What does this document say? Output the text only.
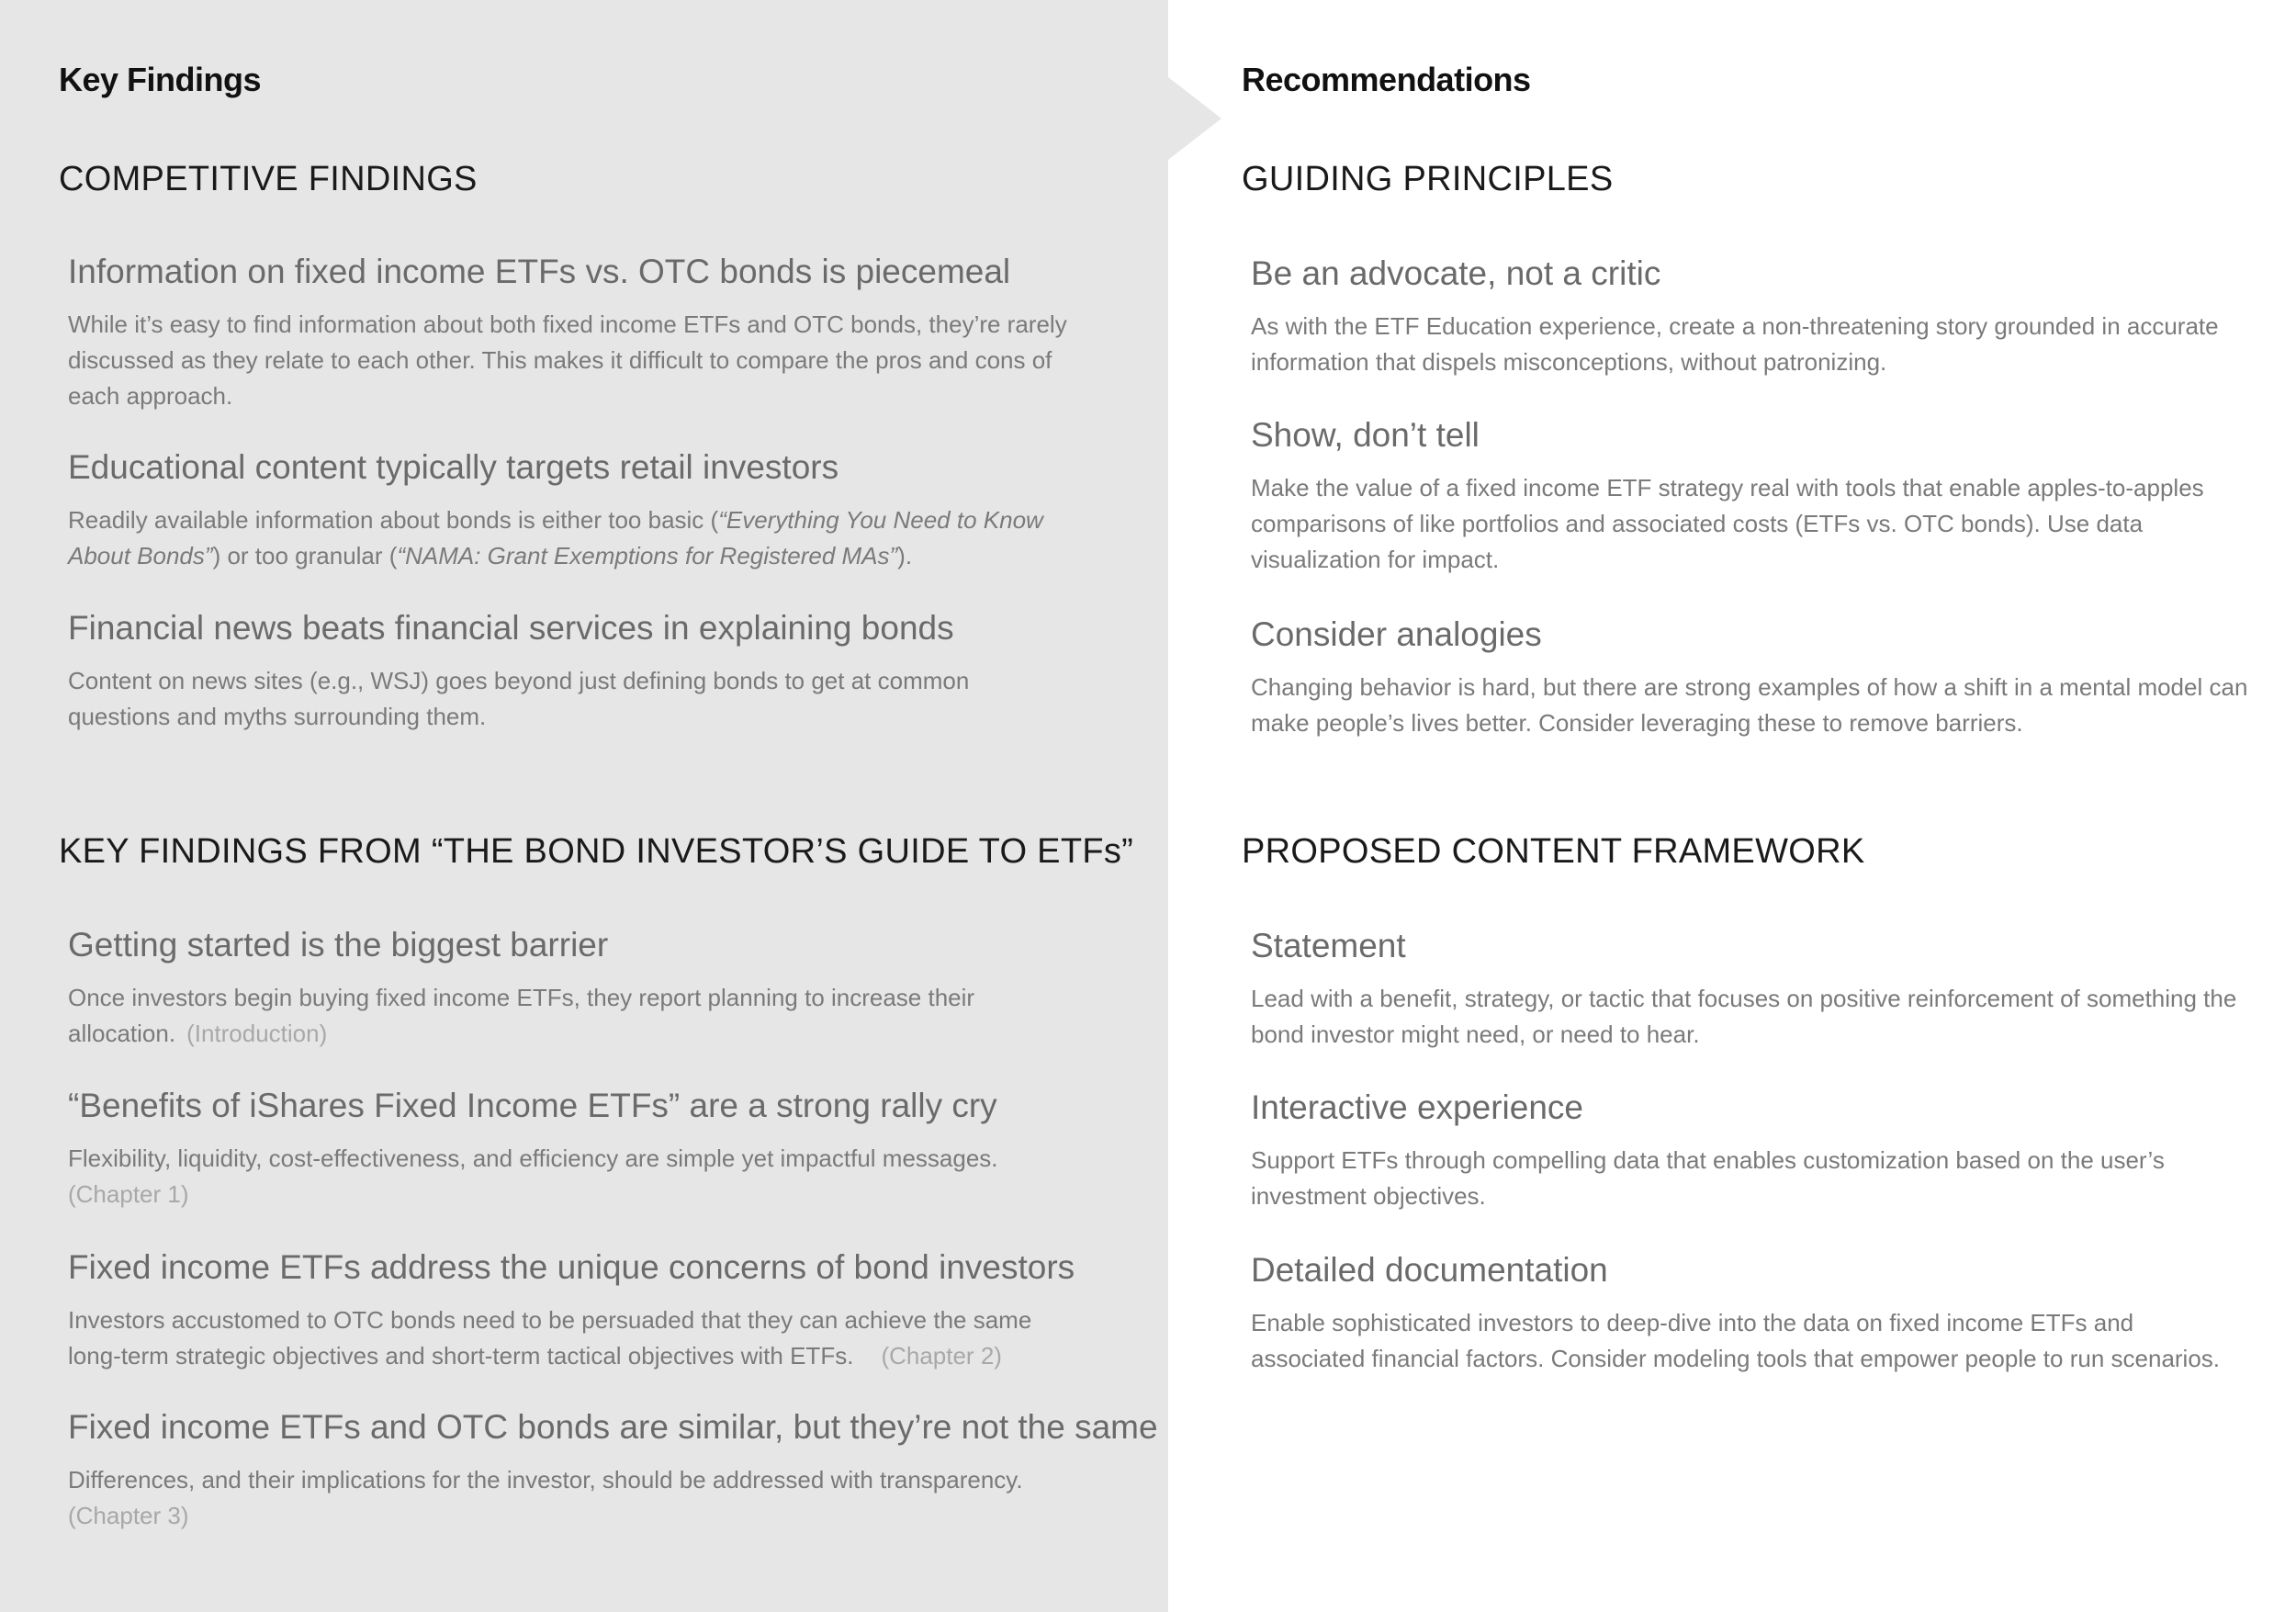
Key Findings
COMPETITIVE FINDINGS
Information on fixed income ETFs vs. OTC bonds is piecemeal

While it’s easy to find information about both fixed income ETFs and OTC bonds, they’re rarely discussed as they relate to each other. This makes it difficult to compare the pros and cons of each approach.

Educational content typically targets retail investors

Readily available information about bonds is either too basic (“Everything You Need to Know About Bonds”) or too granular (“NAMA: Grant Exemptions for Registered MAs”).

Financial news beats financial services in explaining bonds

Content on news sites (e.g., WSJ) goes beyond just defining bonds to get at common questions and myths surrounding them.

KEY FINDINGS FROM “THE BOND INVESTOR’S GUIDE TO ETFs”
Getting started is the biggest barrier

Once investors begin buying fixed income ETFs, they report planning to increase their allocation. (Introduction)

“Benefits of iShares Fixed Income ETFs” are a strong rally cry

Flexibility, liquidity, cost-effectiveness, and efficiency are simple yet impactful messages. (Chapter 1)

Fixed income ETFs address the unique concerns of bond investors

Investors accustomed to OTC bonds need to be persuaded that they can achieve the same long-term strategic objectives and short-term tactical objectives with ETFs. (Chapter 2)

Fixed income ETFs and OTC bonds are similar, but they’re not the same

Differences, and their implications for the investor, should be addressed with transparency. (Chapter 3)

Recommendations
GUIDING PRINCIPLES
Be an advocate, not a critic

As with the ETF Education experience, create a non-threatening story grounded in accurate information that dispels misconceptions, without patronizing.

Show, don’t tell

Make the value of a fixed income ETF strategy real with tools that enable apples-to-apples comparisons of like portfolios and associated costs (ETFs vs. OTC bonds). Use data visualization for impact.

Consider analogies

Changing behavior is hard, but there are strong examples of how a shift in a mental model can make people’s lives better. Consider leveraging these to remove barriers.

PROPOSED CONTENT FRAMEWORK
Statement

Lead with a benefit, strategy, or tactic that focuses on positive reinforcement of something the bond investor might need, or need to hear.

Interactive experience

Support ETFs through compelling data that enables customization based on the user’s investment objectives.

Detailed documentation

Enable sophisticated investors to deep-dive into the data on fixed income ETFs and associated financial factors. Consider modeling tools that empower people to run scenarios.
